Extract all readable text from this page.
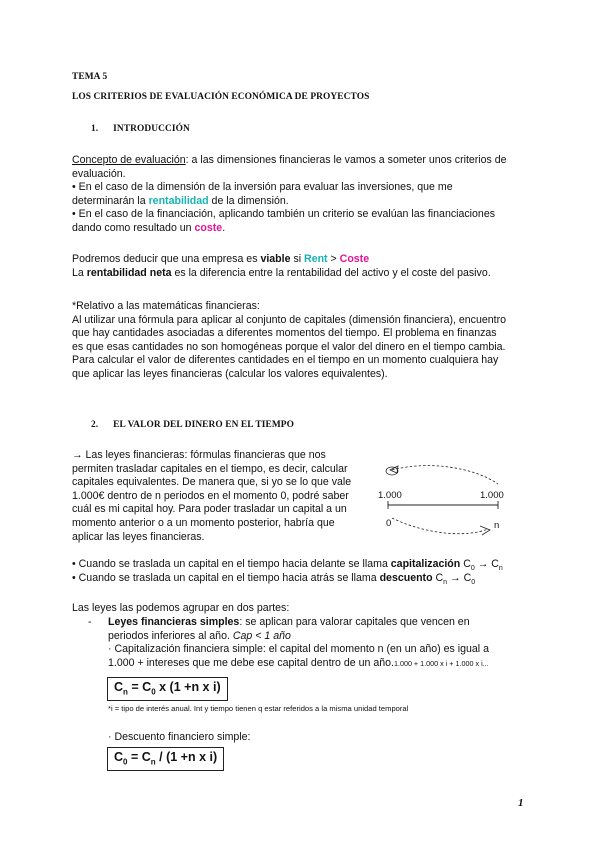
TEMA 5
LOS CRITERIOS DE EVALUACIÓN ECONÓMICA DE PROYECTOS
1. INTRODUCCIÓN
Concepto de evaluación: a las dimensiones financieras le vamos a someter unos criterios de
evaluación.
• En el caso de la dimensión de la inversión para evaluar las inversiones, que me
determinarán la rentabilidad de la dimensión.
• En el caso de la financiación, aplicando también un criterio se evalúan las financiaciones
dando como resultado un coste.
Podremos deducir que una empresa es viable si Rent > Coste
La rentabilidad neta es la diferencia entre la rentabilidad del activo y el coste del pasivo.
*Relativo a las matemáticas financieras:
Al utilizar una fórmula para aplicar al conjunto de capitales (dimensión financiera), encuentro
que hay cantidades asociadas a diferentes momentos del tiempo. El problema en finanzas
es que esas cantidades no son homogéneas porque el valor del dinero en el tiempo cambia.
Para calcular el valor de diferentes cantidades en el tiempo en un momento cualquiera hay
que aplicar las leyes financieras (calcular los valores equivalentes).
2. EL VALOR DEL DINERO EN EL TIEMPO
→ Las leyes financieras: fórmulas financieras que nos
permiten trasladar capitales en el tiempo, es decir, calcular
capitales equivalentes. De manera que, si yo se lo que vale
1.000€ dentro de n periodos en el momento 0, podré saber
cuál es mi capital hoy. Para poder trasladar un capital a un
momento anterior o a un momento posterior, habría que
aplicar las leyes financieras.
1.000	1.000
0	n
• Cuando se traslada un capital en el tiempo hacia delante se llama capitalización $C_0 \to C_n$
• Cuando se traslada un capital en el tiempo hacia atrás se llama descuento $C_n \to C_0$
Las leyes las podemos agrupar en dos partes:
- Leyes financieras simples: se aplican para valorar capitales que vencen en
periodos inferiores al año. Cap < 1 año
· Capitalización financiera simple: el capital del momento n (en un año) es igual a
1.000 + intereses que me debe ese capital dentro de un año.1.000 + 1.000 x i + 1.000 x i...
$C_n = C_0$ x (1 +n x i)
*i = tipo de interés anual. Int y tiempo tienen q estar referidos a la misma unidad temporal
· Descuento financiero simple:
$C_0 = C_n / (1 +n$ x i)
1
